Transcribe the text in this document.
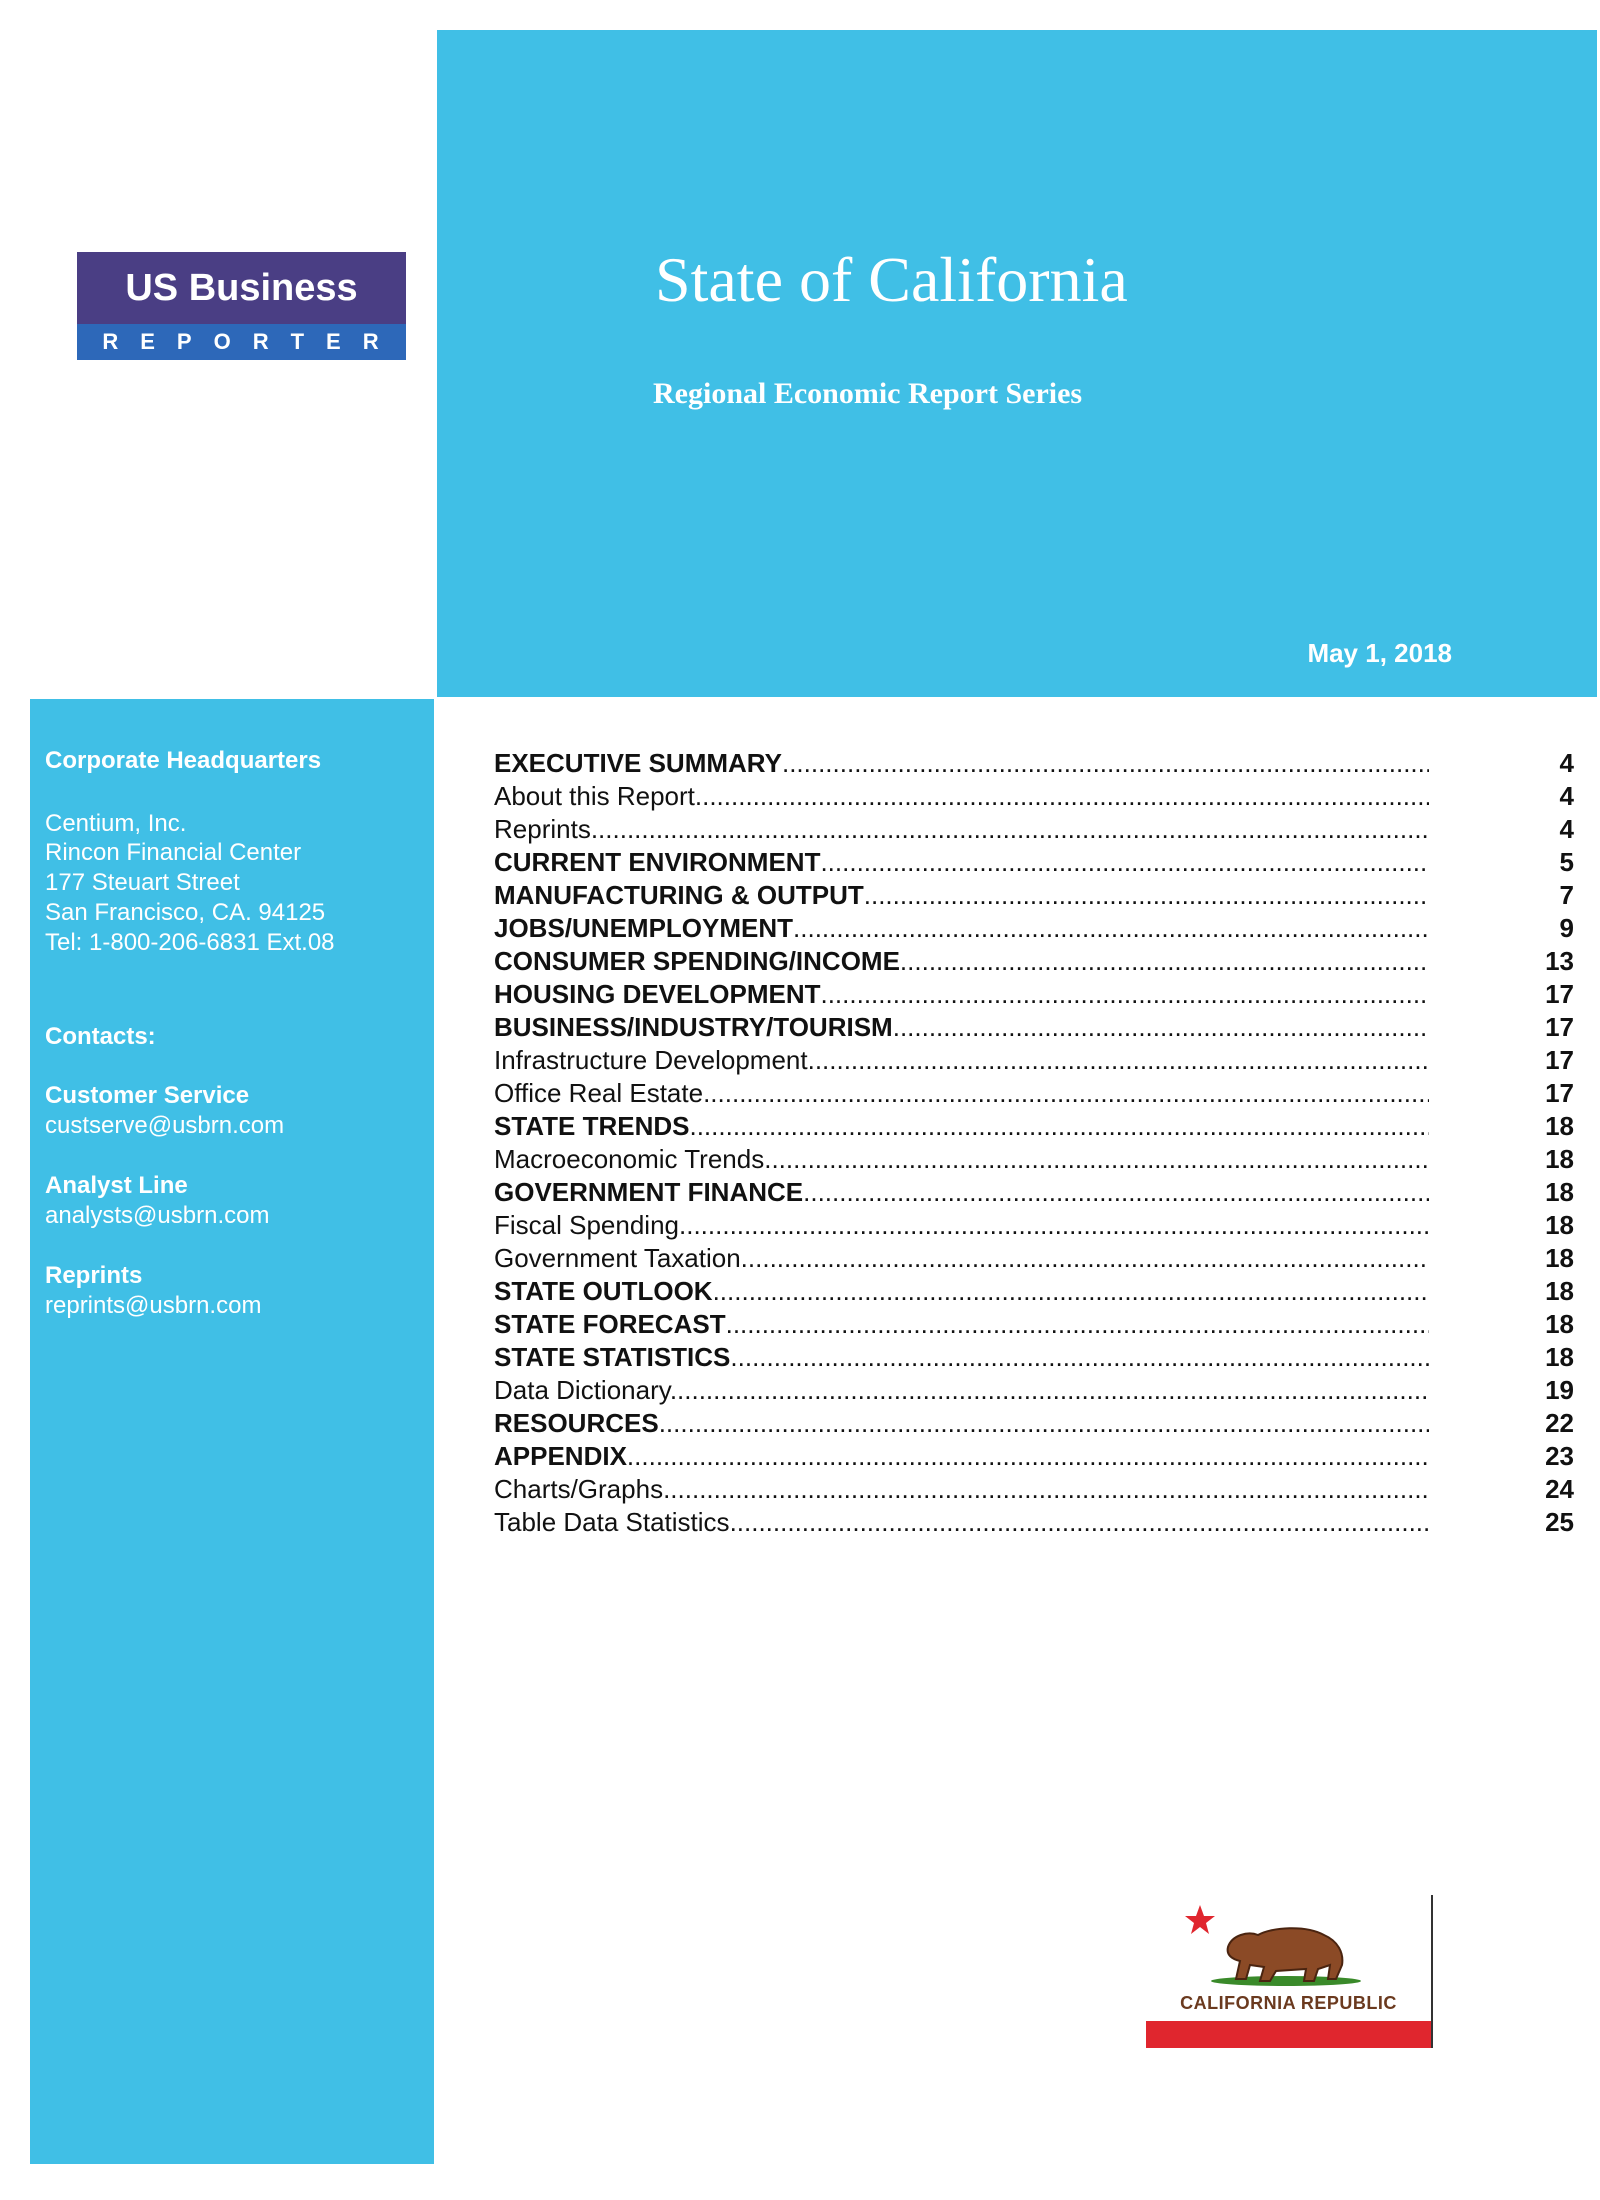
US Business
REPORTER
State of California
Regional Economic Report Series
May 1, 2018
Corporate Headquarters
Centium, Inc.
Rincon Financial Center
177 Steuart Street
San Francisco, CA. 94125
Tel: 1-800-206-6831 Ext.08
Contacts:
Customer Service
custserve@usbrn.com
Analyst Line
analysts@usbrn.com
Reprints
reprints@usbrn.com
EXECUTIVE SUMMARY .....	4
About this Report .....	4
Reprints .....	4
CURRENT ENVIRONMENT .....	5
MANUFACTURING & OUTPUT .....	7
JOBS/UNEMPLOYMENT .....	9
CONSUMER SPENDING/INCOME .....	13
HOUSING DEVELOPMENT .....	17
BUSINESS/INDUSTRY/TOURISM .....	17
Infrastructure Development .....	17
Office Real Estate .....	17
STATE TRENDS .....	18
Macroeconomic Trends .....	18
GOVERNMENT FINANCE .....	18
Fiscal Spending .....	18
Government Taxation .....	18
STATE OUTLOOK .....	18
STATE FORECAST .....	18
STATE STATISTICS .....	18
Data Dictionary .....	19
RESOURCES .....	22
APPENDIX .....	23
Charts/Graphs .....	24
Table Data Statistics .....	25
CALIFORNIA REPUBLIC
